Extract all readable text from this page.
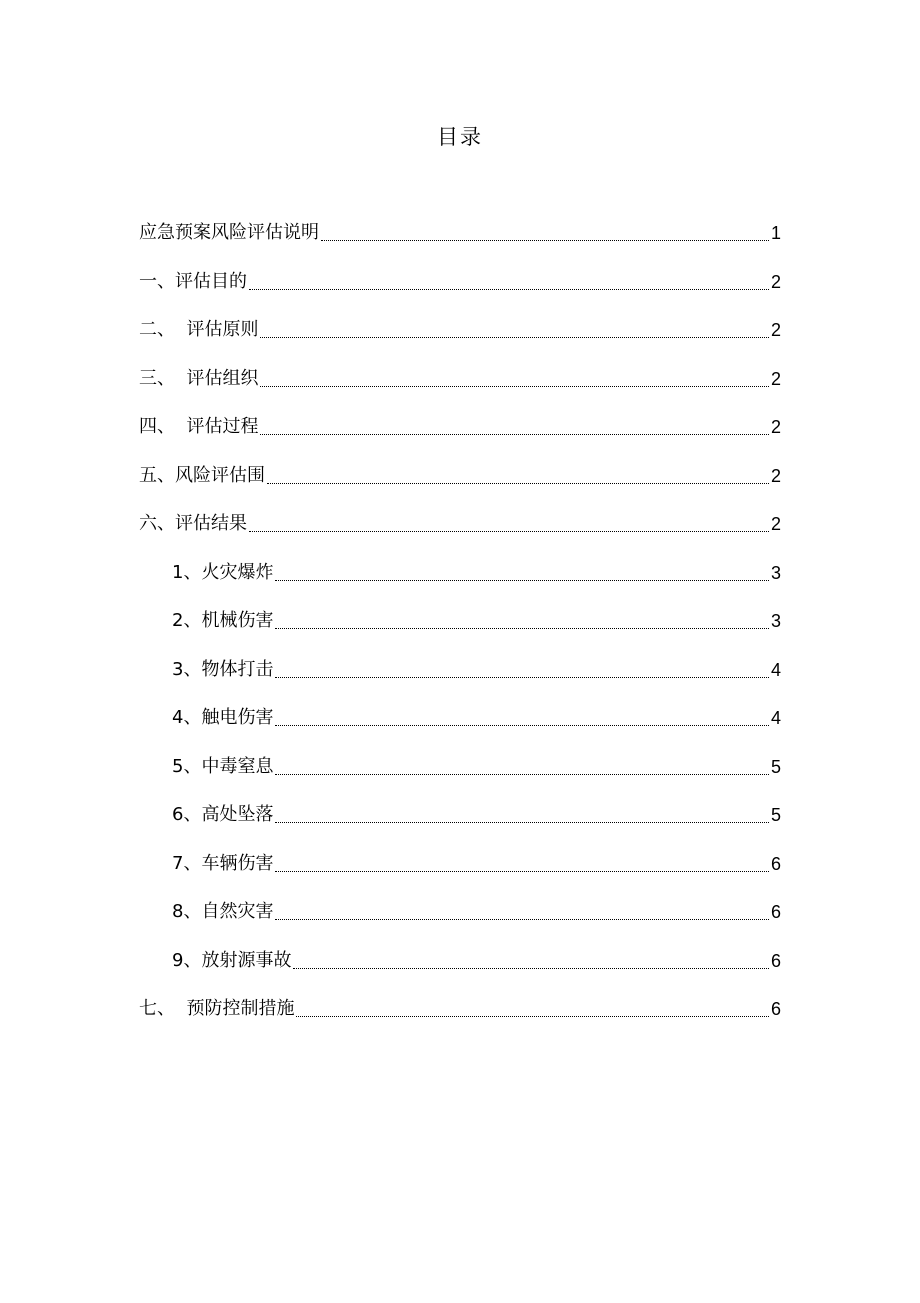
目录
应急预案风险评估说明	1
一、评估目的	2
二、  评估原则	2
三、  评估组织	2
四、  评估过程	2
五、风险评估围	2
六、评估结果	2
1、火灾爆炸	3
2、机械伤害	3
3、物体打击	4
4、触电伤害	4
5、中毒窒息	5
6、高处坠落	5
7、车辆伤害	6
8、自然灾害	6
9、放射源事故	6
七、  预防控制措施	6
